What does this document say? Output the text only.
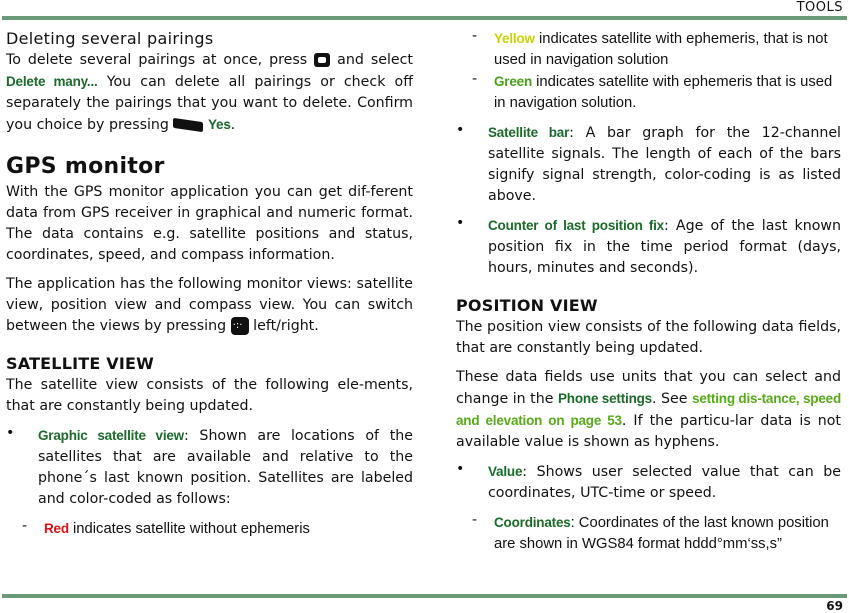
TOOLS
Deleting several pairings

To delete several pairings at once, press and select Delete many... You can delete all pairings or check off separately the pairings that you want to delete. Confirm you choice by pressing	Yes.

GPS monitor

With the GPS monitor application you can get dif-ferent data from GPS receiver in graphical and numeric format. The data contains e.g. satellite positions and status, coordinates, speed, and compass information.

The application has the following monitor views: satellite view, position view and compass view. You can switch between the views by pressing ·:· left/right.

SATELLITE VIEW

The satellite view consists of the following ele-ments, that are constantly being updated.

• Graphic satellite view: Shown are locations of the satellites that are available and relative to the phone´s last known position. Satellites are labeled and color-coded as follows:

- Red indicates satellite without ephemeris

- Yellow indicates satellite with ephemeris, that is not used in navigation solution

- Green indicates satellite with ephemeris that is used in navigation solution.

• Satellite bar: A bar graph for the 12-channel satellite signals. The length of each of the bars signify signal strength, color-coding is as listed above.

• Counter of last position fix: Age of the last known position fix in the time period format (days, hours, minutes and seconds).

POSITION VIEW

The position view consists of the following data fields, that are constantly being updated.

These data fields use units that you can select and change in the Phone settings. See setting dis-tance, speed and elevation on page 53. If the particu-lar data is not available value is shown as hyphens.

• Value: Shows user selected value that can be coordinates, UTC-time or speed.

- Coordinates: Coordinates of the last known position are shown in WGS84 format hddd°mm‘ss,s”

69
